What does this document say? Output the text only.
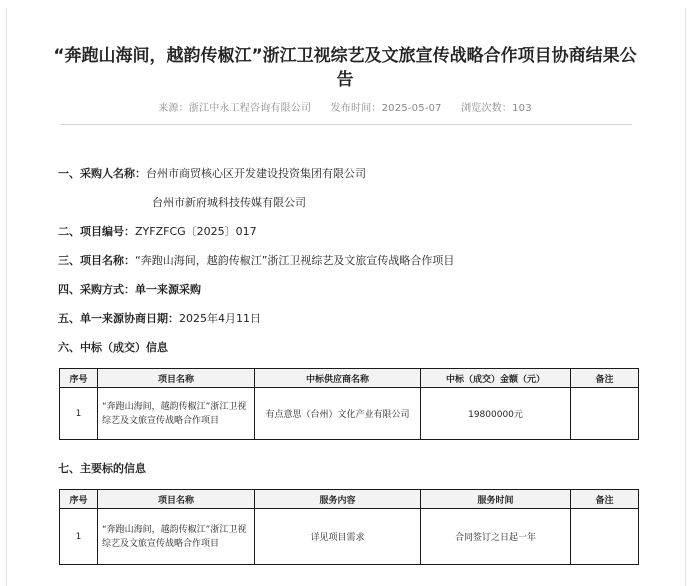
“奔跑山海间，越韵传椒江”浙江卫视综艺及文旅宣传战略合作项目协商结果公告
来源：浙江中永工程咨询有限公司 发布时间：2025-05-07 浏览次数：103
一、采购人名称：台州市商贸核心区开发建设投资集团有限公司
台州市新府城科技传媒有限公司
二、项目编号：ZYFZFCG〔2025〕017
三、项目名称：“奔跑山海间，越韵传椒江”浙江卫视综艺及文旅宣传战略合作项目
四、采购方式：单一来源采购
五、单一来源协商日期：2025年4月11日
六、中标（成交）信息
序号	项目名称	中标供应商名称	中标（成交）金额（元）	备注
1	“奔跑山海间，越韵传椒江”浙江卫视综艺及文旅宣传战略合作项目	有点意思（台州）文化产业有限公司	19800000元	
七、主要标的信息
序号	项目名称	服务内容	服务时间	备注
1	“奔跑山海间，越韵传椒江”浙江卫视综艺及文旅宣传战略合作项目	详见项目需求	合同签订之日起一年	
